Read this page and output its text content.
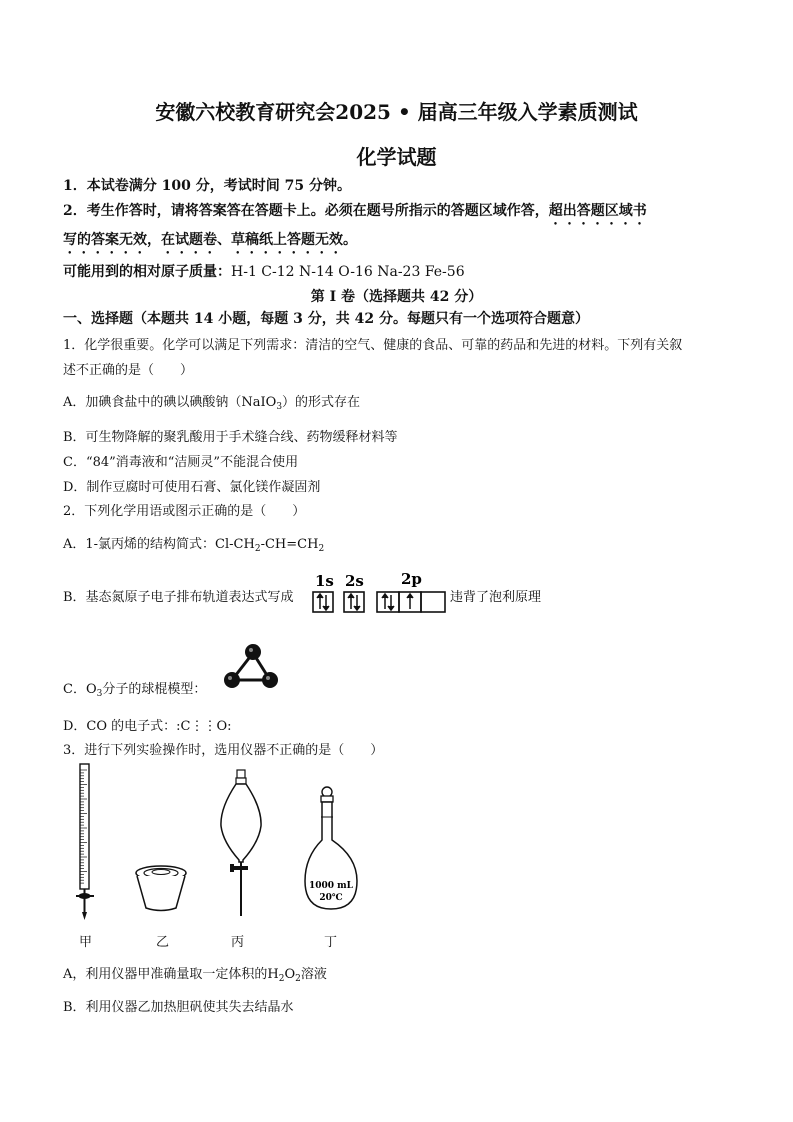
安徽六校教育研究会2025 • 届高三年级入学素质测试
化学试题
1．本试卷满分 100 分，考试时间 75 分钟。
2．考生作答时，请将答案答在答题卡上。必须在题号所指示的答题区域作答，超出答题区域书
写的答案无效，在试题卷、草稿纸上答题无效。
可能用到的相对原子质量：H-1 C-12 N-14 O-16 Na-23 Fe-56
第 I 卷（选择题共 42 分）
一、选择题（本题共 14 小题，每题 3 分，共 42 分。每题只有一个选项符合题意）
1．化学很重要。化学可以满足下列需求：清洁的空气、健康的食品、可靠的药品和先进的材料。下列有关叙
述不正确的是（　　）
A．加碘食盐中的碘以碘酸钠（NaIO$_3$）的形式存在
B．可生物降解的聚乳酸用于手术缝合线、药物缓释材料等
C．“84”消毒液和“洁厕灵”不能混合使用
D．制作豆腐时可使用石膏、氯化镁作凝固剂
2．下列化学用语或图示正确的是（　　）
A．1-氯丙烯的结构简式：$Cl-CH_2-CH=CH_2$
B．基态氮原子电子排布轨道表达式写成
1s 2s 2p
违背了泡利原理
C．$O_3$分子的球棍模型：
D．CO 的电子式：:C⋮⋮O:
3．进行下列实验操作时，选用仪器不正确的是（　　）
1000 mL
20℃
甲	乙	丙	丁
A，利用仪器甲准确量取一定体积的$H_2O_2$溶液
B．利用仪器乙加热胆矾使其失去结晶水
